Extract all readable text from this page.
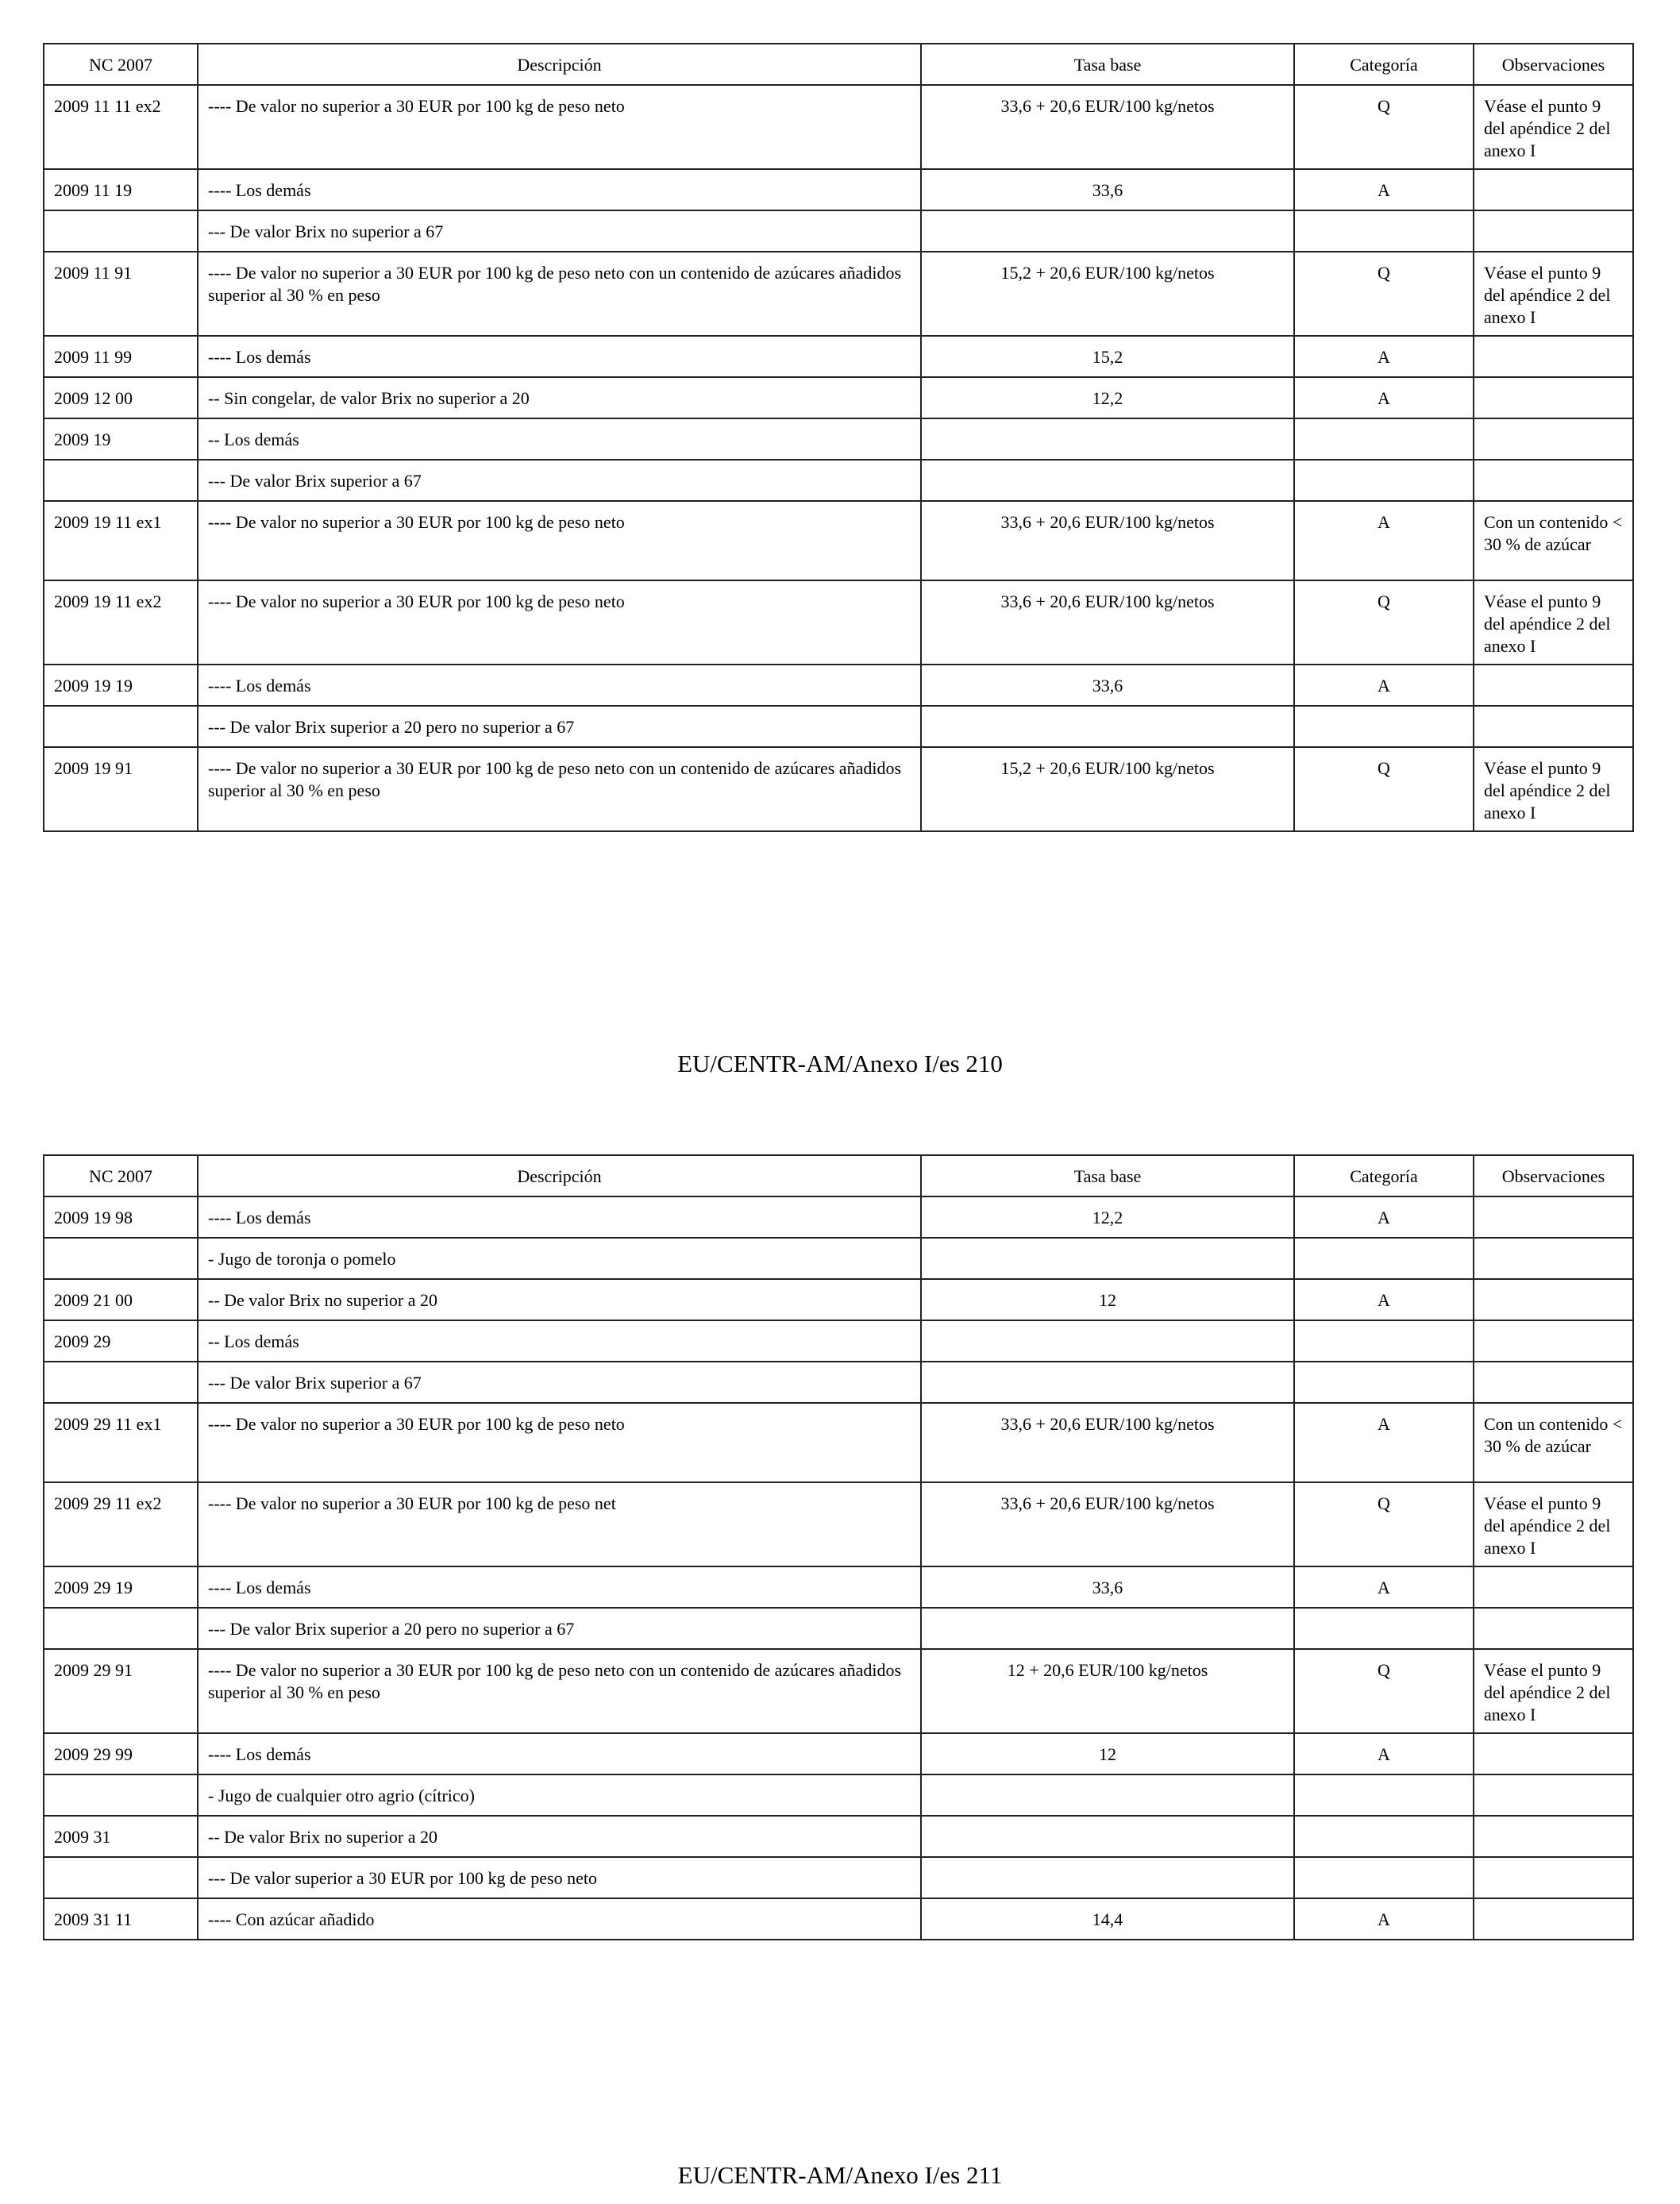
NC 2007	Descripción	Tasa base	Categoría	Observaciones
2009 11 11 ex2	---- De valor no superior a 30 EUR por 100 kg de peso neto	33,6 + 20,6 EUR/100 kg/netos	Q	Véase el punto 9 del apéndice 2 del anexo I
2009 11 19	---- Los demás	33,6	A	
	--- De valor Brix no superior a 67			
2009 11 91	---- De valor no superior a 30 EUR por 100 kg de peso neto con un contenido de azúcares añadidos superior al 30 % en peso	15,2 + 20,6 EUR/100 kg/netos	Q	Véase el punto 9 del apéndice 2 del anexo I
2009 11 99	---- Los demás	15,2	A	
2009 12 00	-- Sin congelar, de valor Brix no superior a 20	12,2	A	
2009 19	-- Los demás			
	--- De valor Brix superior a 67			
2009 19 11 ex1	---- De valor no superior a 30 EUR por 100 kg de peso neto	33,6 + 20,6 EUR/100 kg/netos	A	Con un contenido < 30 % de azúcar
2009 19 11 ex2	---- De valor no superior a 30 EUR por 100 kg de peso neto	33,6 + 20,6 EUR/100 kg/netos	Q	Véase el punto 9 del apéndice 2 del anexo I
2009 19 19	---- Los demás	33,6	A	
	--- De valor Brix superior a 20 pero no superior a 67			
2009 19 91	---- De valor no superior a 30 EUR por 100 kg de peso neto con un contenido de azúcares añadidos superior al 30 % en peso	15,2 + 20,6 EUR/100 kg/netos	Q	Véase el punto 9 del apéndice 2 del anexo I
EU/CENTR-AM/Anexo I/es 210
NC 2007	Descripción	Tasa base	Categoría	Observaciones
2009 19 98	---- Los demás	12,2	A	
	- Jugo de toronja o pomelo			
2009 21 00	-- De valor Brix no superior a 20	12	A	
2009 29	-- Los demás			
	--- De valor Brix superior a 67			
2009 29 11 ex1	---- De valor no superior a 30 EUR por 100 kg de peso neto	33,6 + 20,6 EUR/100 kg/netos	A	Con un contenido < 30 % de azúcar
2009 29 11 ex2	---- De valor no superior a 30 EUR por 100 kg de peso net	33,6 + 20,6 EUR/100 kg/netos	Q	Véase el punto 9 del apéndice 2 del anexo I
2009 29 19	---- Los demás	33,6	A	
	--- De valor Brix superior a 20 pero no superior a 67			
2009 29 91	---- De valor no superior a 30 EUR por 100 kg de peso neto con un contenido de azúcares añadidos superior al 30 % en peso	12 + 20,6 EUR/100 kg/netos	Q	Véase el punto 9 del apéndice 2 del anexo I
2009 29 99	---- Los demás	12	A	
	- Jugo de cualquier otro agrio (cítrico)			
2009 31	-- De valor Brix no superior a 20			
	--- De valor superior a 30 EUR por 100 kg de peso neto			
2009 31 11	---- Con azúcar añadido	14,4	A	
EU/CENTR-AM/Anexo I/es 211
